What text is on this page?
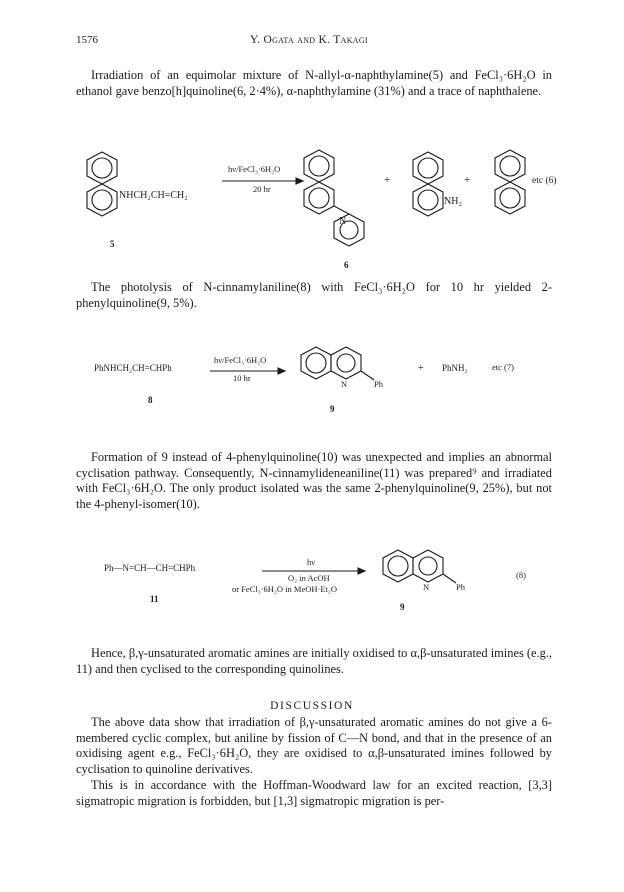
1576	Y. Ogata and K. Takagi
Irradiation of an equimolar mixture of N-allyl-α-naphthylamine(5) and FeCl₃·6H₂O in ethanol gave benzo[h]quinoline(6, 2·4%), α-naphthylamine (31%) and a trace of naphthalene.
NHCH₂CH=CH₂
hν/FeCl₃·6H₂O
20 hr
+	+
N
NH₂
etc (6)
5
6
The photolysis of N-cinnamylaniline(8) with FeCl₃·6H₂O for 10 hr yielded 2-phenylquinoline(9, 5%).
PhNHCH₂CH=CHPh
hν/FeCl₃·6H₂O
10 hr
N	Ph
+ PhNH₂	etc (7)
8
9
Formation of 9 instead of 4-phenylquinoline(10) was unexpected and implies an abnormal cyclisation pathway. Consequently, N-cinnamylideneaniline(11) was prepared⁹ and irradiated with FeCl₃·6H₂O. The only product isolated was the same 2-phenylquinoline(9, 25%), but not the 4-phenyl-isomer(10).
Ph—N=CH—CH=CHPh
hν
O₂ in AcOH
or FeCl₃·6H₂O in MeOH·Et₂O	N	Ph
(8)
11
9
Hence, β,γ-unsaturated aromatic amines are initially oxidised to α,β-unsaturated imines (e.g., 11) and then cyclised to the corresponding quinolines.
DISCUSSION
The above data show that irradiation of β,γ-unsaturated aromatic amines do not give a 6-membered cyclic complex, but aniline by fission of C—N bond, and that in the presence of an oxidising agent e.g., FeCl₃·6H₂O, they are oxidised to α,β-unsaturated imines followed by cyclisation to quinoline derivatives.
This is in accordance with the Hoffman-Woodward law for an excited reaction, [3,3] sigmatropic migration is forbidden, but [1,3] sigmatropic migration is per-
